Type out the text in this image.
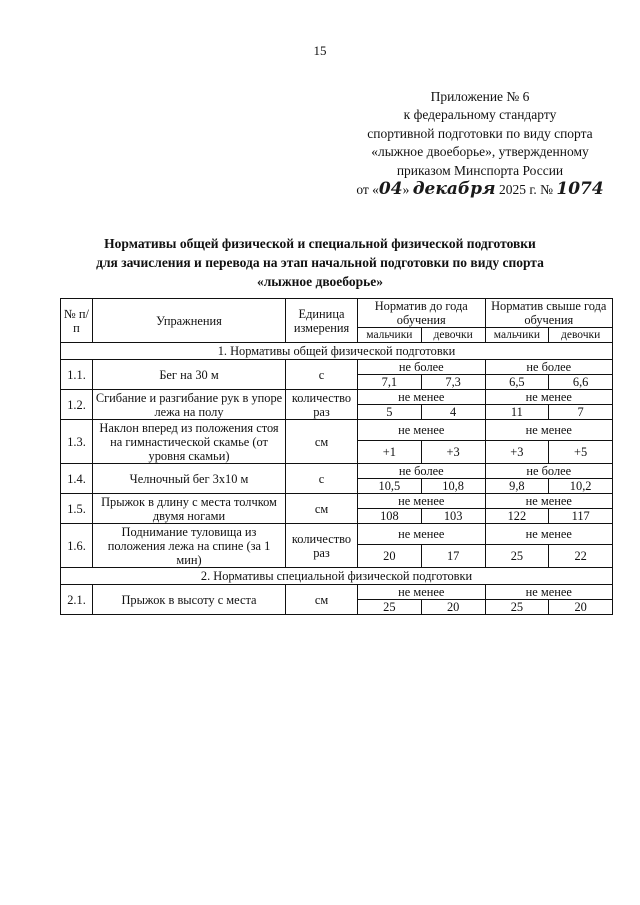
15
Приложение № 6
к федеральному стандарту
спортивной подготовки по виду спорта
«лыжное двоеборье», утвержденному
приказом Минспорта России
от «04» декабря 2025 г. № 1074
Нормативы общей физической и специальной физической подготовки
для зачисления и перевода на этап начальной подготовки по виду спорта
«лыжное двоеборье»
№ п/п	Упражнения	Единица измерения	Норматив до года обучения		Норматив свыше года обучения	
			мальчики	девочки	мальчики	девочки
1. Нормативы общей физической подготовки						
1.1.	Бег на 30 м	с	не более		не более	
			7,1	7,3	6,5	6,6
1.2.	Сгибание и разгибание рук в упоре лежа на полу	количество раз	не менее		не менее	
			5	4	11	7
1.3.	Наклон вперед из положения стоя на гимнастической скамье (от уровня скамьи)	см	не менее		не менее	
			+1	+3	+3	+5
1.4.	Челночный бег 3х10 м	с	не более		не более	
			10,5	10,8	9,8	10,2
1.5.	Прыжок в длину с места толчком двумя ногами	см	не менее		не менее	
			108	103	122	117
1.6.	Поднимание туловища из положения лежа на спине (за 1 мин)	количество раз	не менее		не менее	
			20	17	25	22
2. Нормативы специальной физической подготовки						
2.1.	Прыжок в высоту с места	см	не менее		не менее	
			25	20	25	20
